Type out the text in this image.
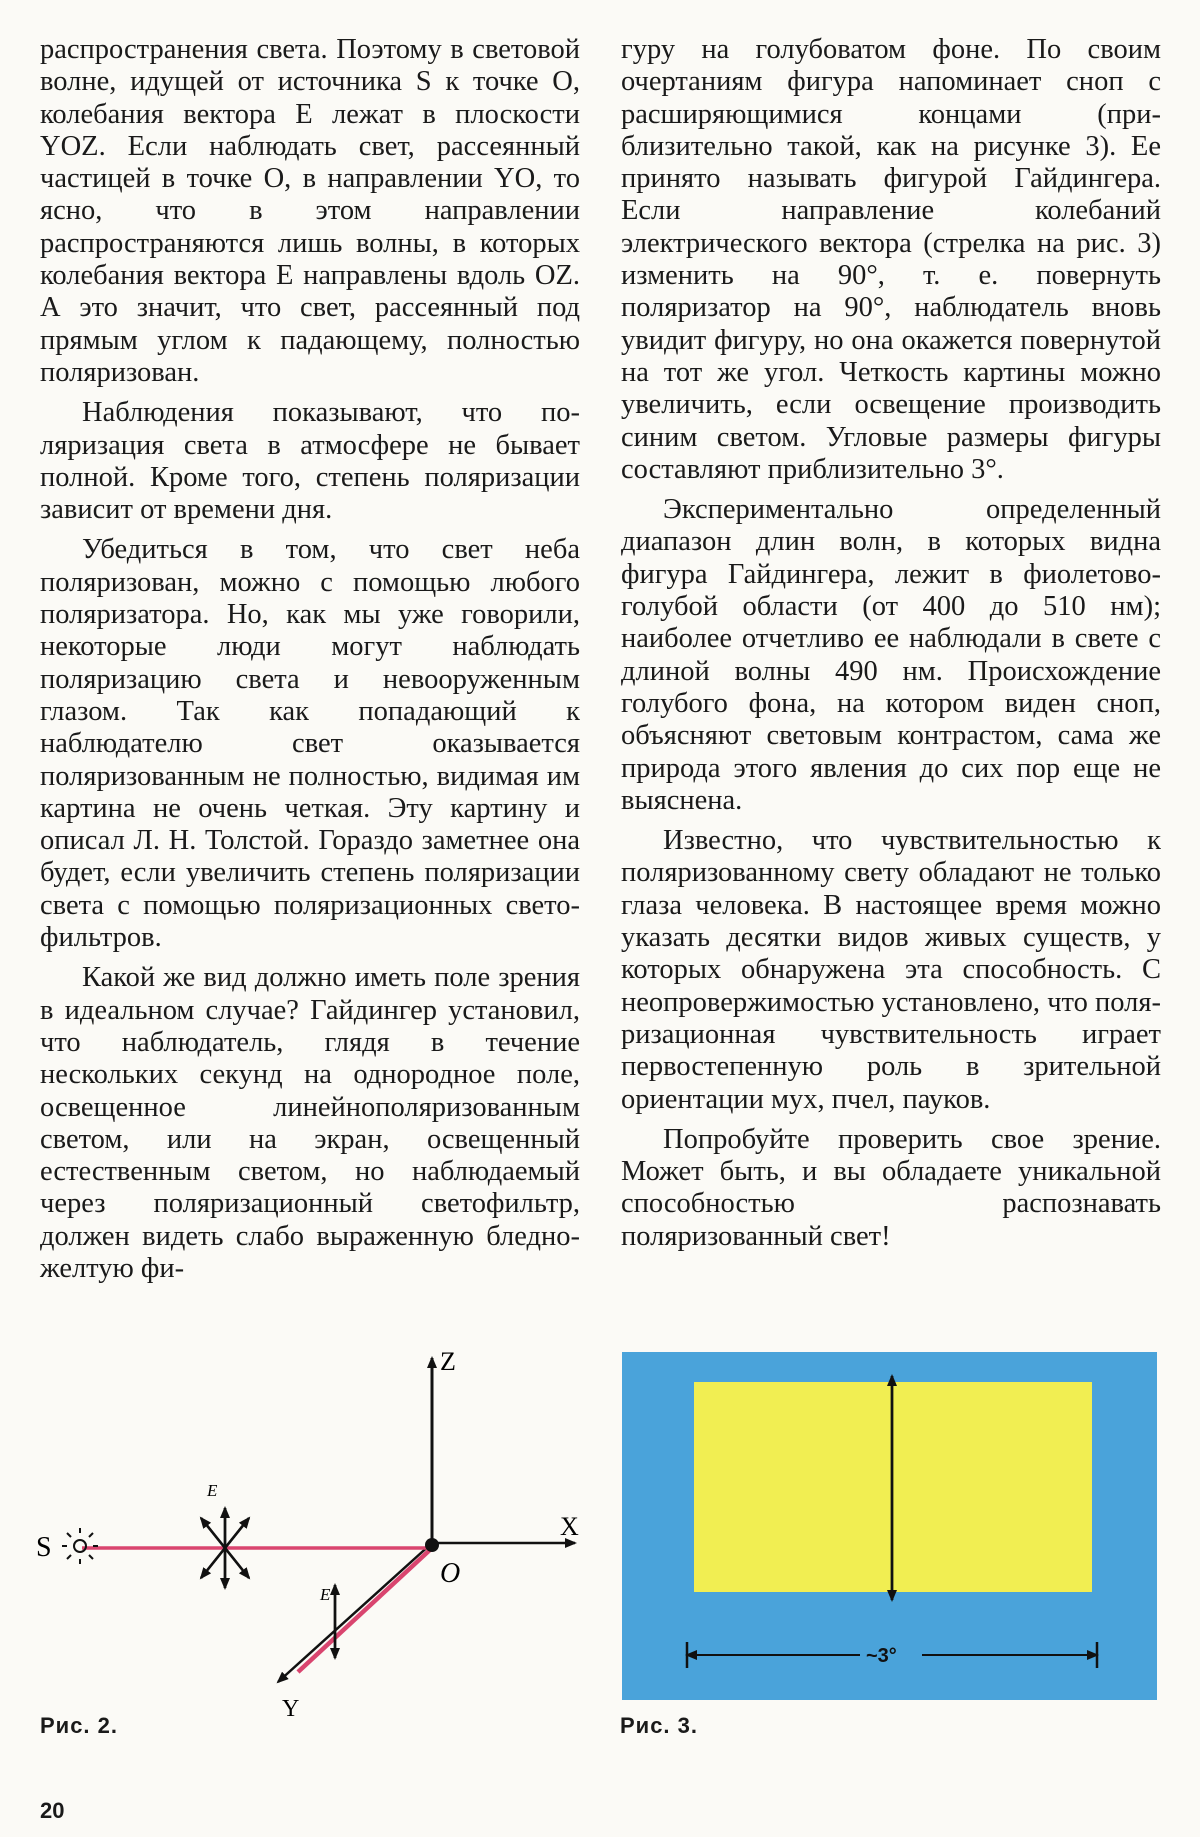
распространения света. Поэтому в световой волне, идущей от источника S к точке O, колебания вектора E лежат в плоскости YOZ. Если наблюдать свет, рассеянный частицей в точке O, в направлении YO, то ясно, что в этом направлении распространяются лишь волны, в которых колебания вектора E направлены вдоль OZ. А это значит, что свет, рассеянный под прямым углом к падающему, полностью поляризован.

Наблюдения показывают, что поляризация света в атмосфере не бывает полной. Кроме того, степень поляризации зависит от времени дня.

Убедиться в том, что свет неба поляризован, можно с помощью любого поляризатора. Но, как мы уже говорили, некоторые люди могут наблюдать поляризацию света и невооруженным глазом. Так как попадающий к наблюдателю свет оказывается поляризованным не полностью, видимая им картина не очень четкая. Эту картину и описал Л. Н. Толстой. Гораздо заметнее она будет, если увеличить степень поляризации света с помощью поляризационных светофильтров.

Какой же вид должно иметь поле зрения в идеальном случае? Гайдингер установил, что наблюдатель, глядя в течение нескольких секунд на однородное поле, освещенное линейнополяризованным светом, или на экран, освещенный естественным светом, но наблюдаемый через поляризационный светофильтр, должен видеть слабо выраженную бледно-желтую фи-

гуру на голубоватом фоне. По своим очертаниям фигура напоминает сноп с расширяющимися концами (приблизительно такой, как на рисунке 3). Ее принято называть фигурой Гайдингера. Если направление колебаний электрического вектора (стрелка на рис. 3) изменить на 90°, т. е. повернуть поляризатор на 90°, наблюдатель вновь увидит фигуру, но она окажется повернутой на тот же угол. Четкость картины можно увеличить, если освещение производить синим светом. Угловые размеры фигуры составляют приблизительно 3°.

Экспериментально определенный диапазон длин волн, в которых видна фигура Гайдингера, лежит в фиолетово-голубой области (от 400 до 510 нм); наиболее отчетливо ее наблюдали в свете с длиной волны 490 нм. Происхождение голубого фона, на котором виден сноп, объясняют световым контрастом, сама же природа этого явления до сих пор еще не выяснена.

Известно, что чувствительностью к поляризованному свету обладают не только глаза человека. В настоящее время можно указать десятки видов живых существ, у которых обнаружена эта способность. С неопровержимостью установлено, что поляризационная чувствительность играет первостепенную роль в зрительной ориентации мух, пчел, пауков.

Попробуйте проверить свое зрение. Может быть, и вы обладаете уникальной способностью распознавать поляризованный свет!

S
Z
X
Y
O
E
E
Рис. 2.
~3°
Рис. 3.
20
